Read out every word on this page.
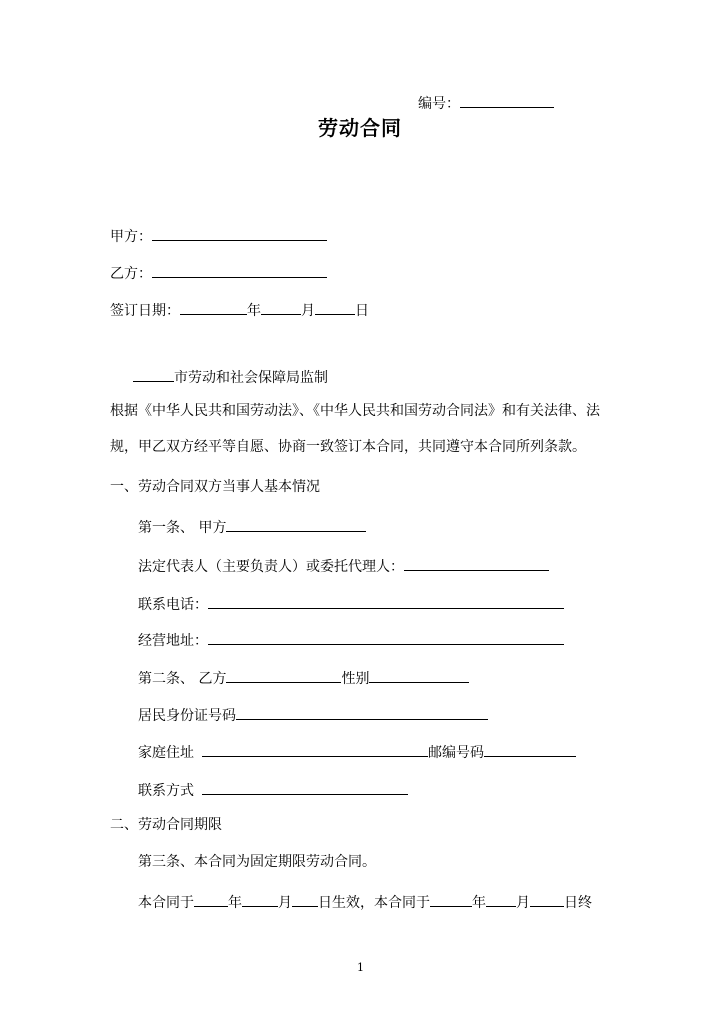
编号：
劳动合同
甲方：
乙方：
签订日期：	年	月	日
市劳动和社会保障局监制
根据《中华人民共和国劳动法》、《中华人民共和国劳动合同法》和有关法律、法
规，甲乙双方经平等自愿、协商一致签订本合同，共同遵守本合同所列条款。
一、劳动合同双方当事人基本情况
第一条、 甲方
法定代表人（主要负责人）或委托代理人：
联系电话：
经营地址：
第二条、 乙方	性别
居民身份证号码
家庭住址	邮编号码
联系方式
二、劳动合同期限
第三条、本合同为固定期限劳动合同。
本合同于 年	月 日生效，本合同于	年 月 日终
1
